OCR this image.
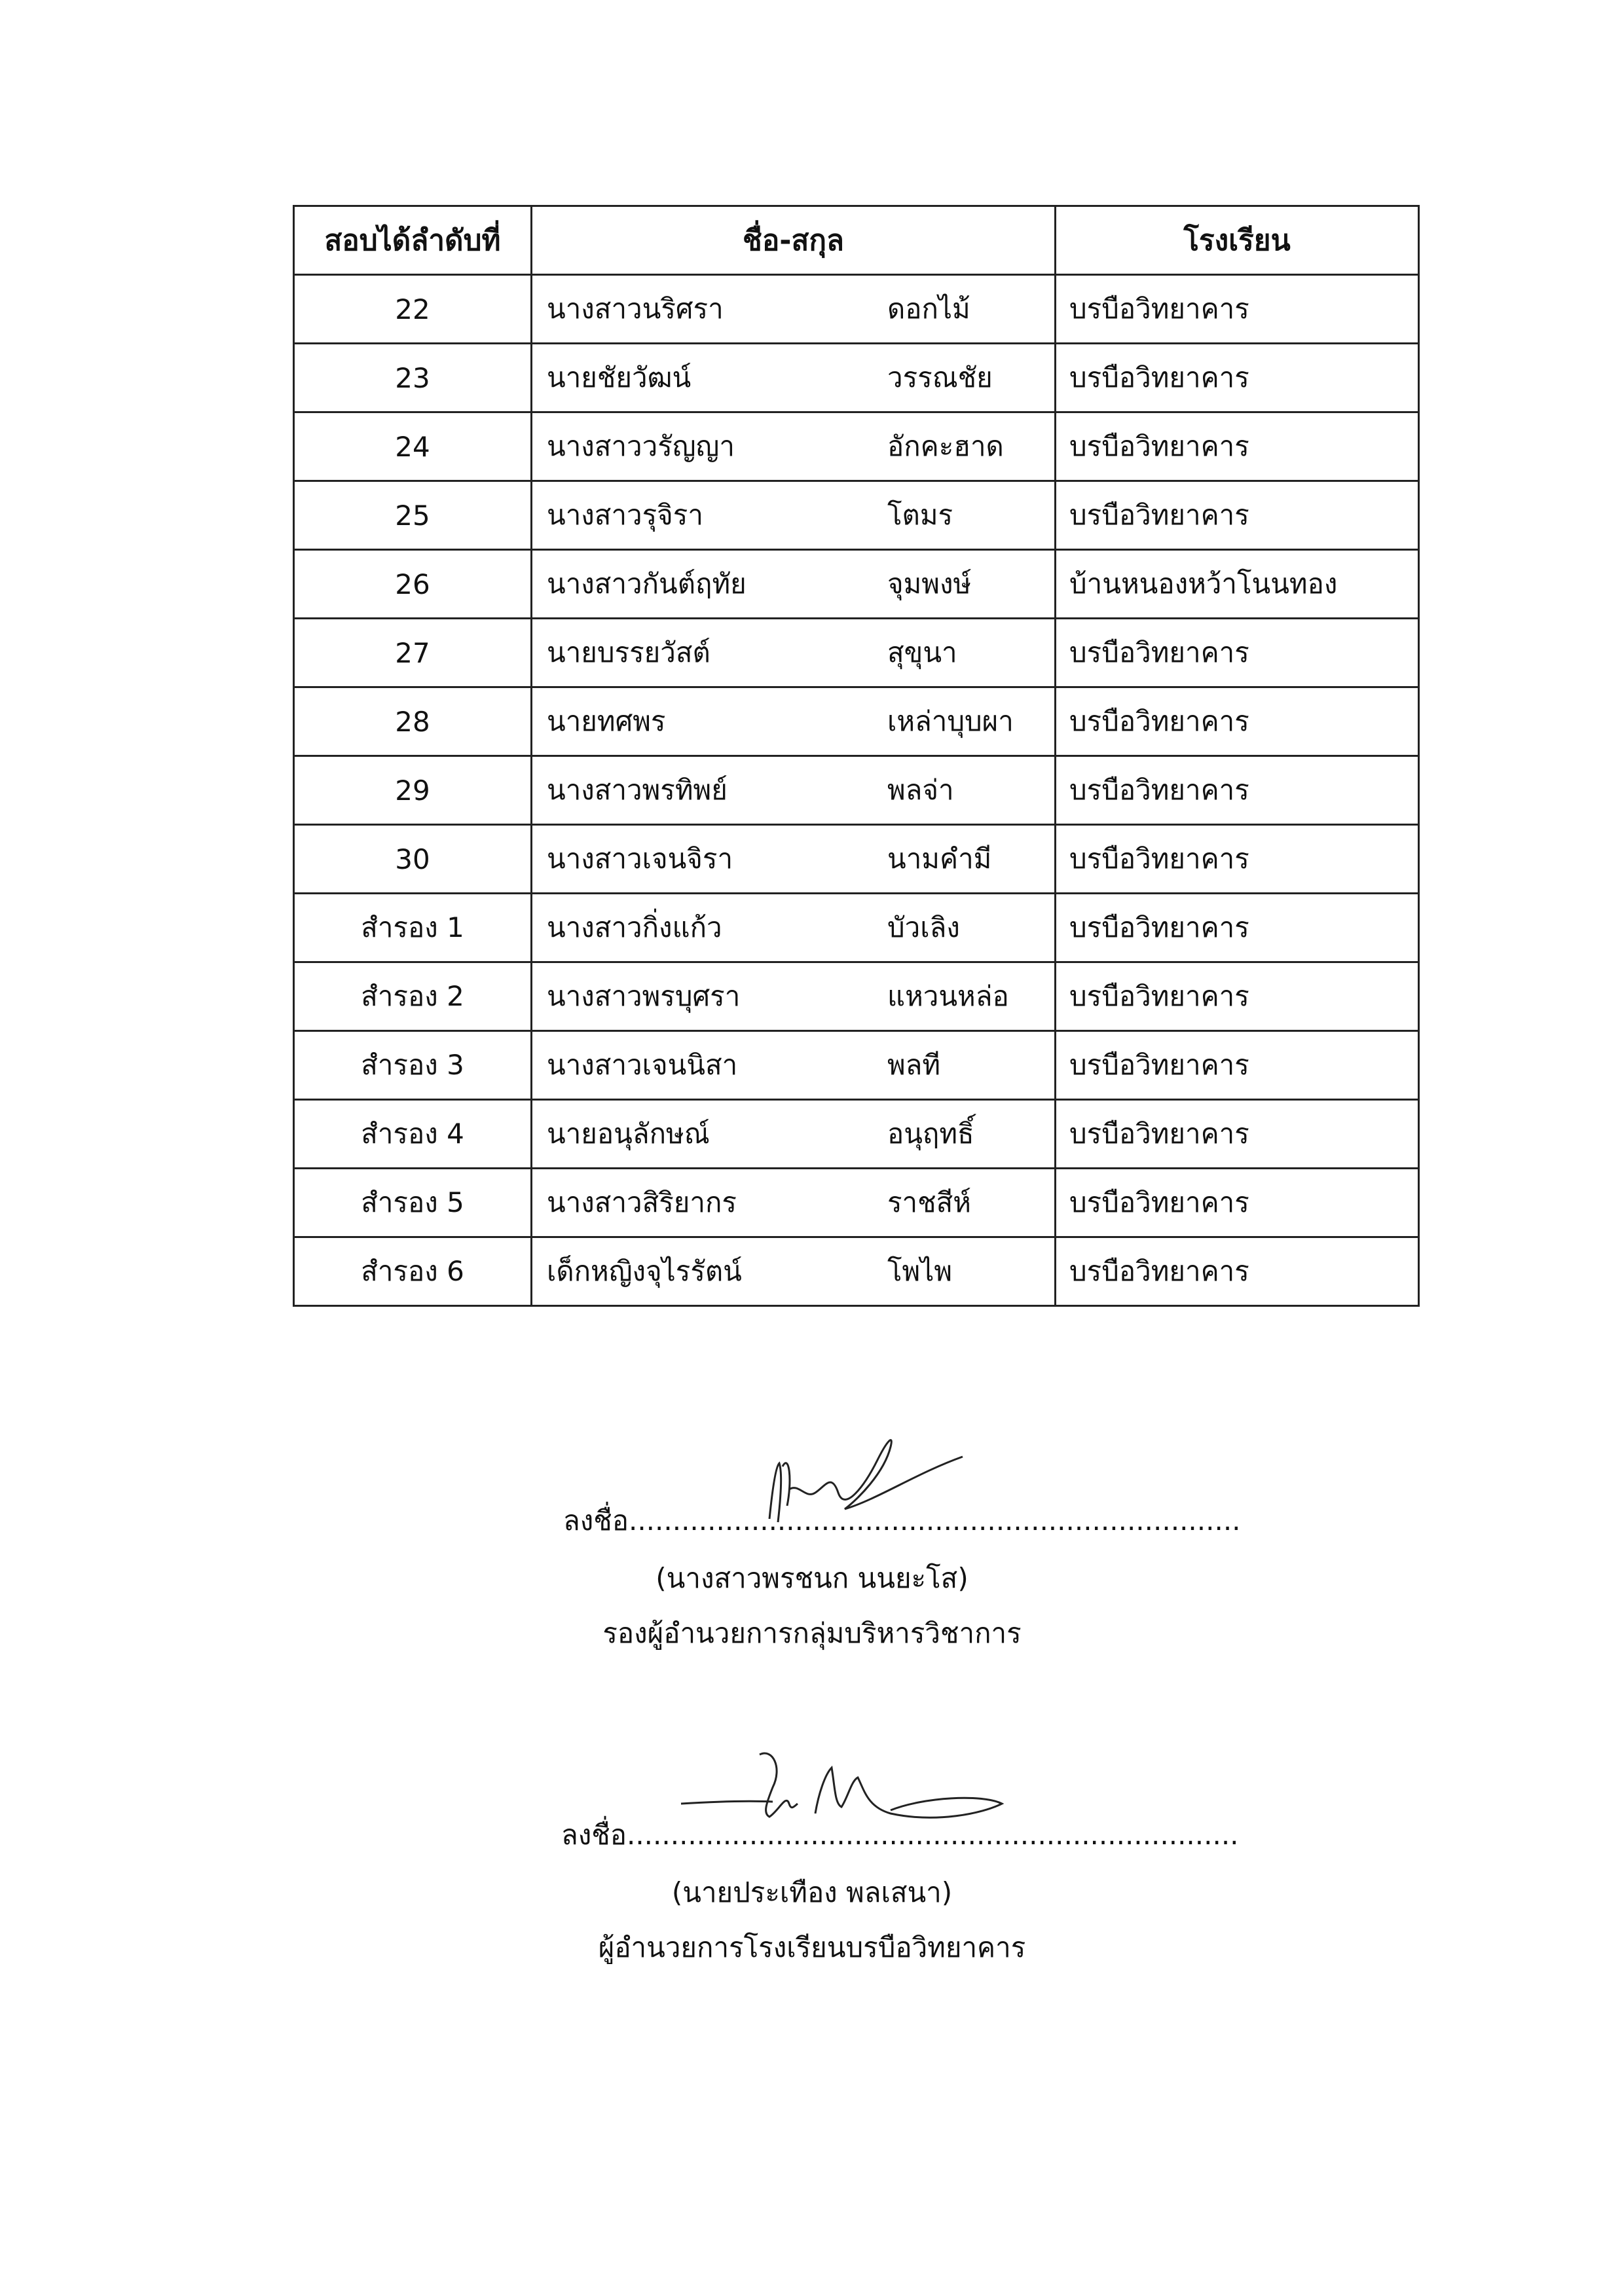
สอบได้ลำดับที่	ชื่อ-สกุล	โรงเรียน
22	นางสาวนริศรา ดอกไม้	บรบือวิทยาคาร
23	นายชัยวัฒน์ วรรณชัย	บรบือวิทยาคาร
24	นางสาววรัญญา อักคะฮาด	บรบือวิทยาคาร
25	นางสาวรุจิรา โตมร	บรบือวิทยาคาร
26	นางสาวกันต์ฤทัย จุมพงษ์	บ้านหนองหว้าโนนทอง
27	นายบรรยวัสต์ สุขุนา	บรบือวิทยาคาร
28	นายทศพร เหล่าบุบผา	บรบือวิทยาคาร
29	นางสาวพรทิพย์ พลจ่า	บรบือวิทยาคาร
30	นางสาวเจนจิรา นามคำมี	บรบือวิทยาคาร
สำรอง 1	นางสาวกิ่งแก้ว บัวเลิง	บรบือวิทยาคาร
สำรอง 2	นางสาวพรบุศรา แหวนหล่อ	บรบือวิทยาคาร
สำรอง 3	นางสาวเจนนิสา พลที	บรบือวิทยาคาร
สำรอง 4	นายอนุลักษณ์ อนุฤทธิ์	บรบือวิทยาคาร
สำรอง 5	นางสาวสิริยากร ราชสีห์	บรบือวิทยาคาร
สำรอง 6	เด็กหญิงจุไรรัตน์ โพไพ	บรบือวิทยาคาร
ลงชื่อ......................................................................
(นางสาวพรชนก นนยะโส)
รองผู้อำนวยการกลุ่มบริหารวิชาการ
ลงชื่อ......................................................................
(นายประเทือง พลเสนา)
ผู้อำนวยการโรงเรียนบรบือวิทยาคาร
